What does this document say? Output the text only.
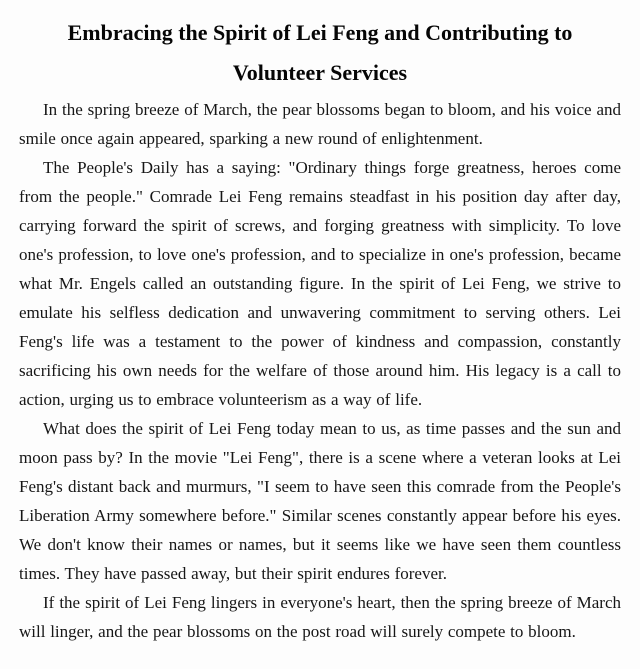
Embracing the Spirit of Lei Feng and Contributing to
Volunteer Services

In the spring breeze of March, the pear blossoms began to bloom, and his voice and smile once again appeared, sparking a new round of enlightenment.

The People's Daily has a saying: "Ordinary things forge greatness, heroes come from the people." Comrade Lei Feng remains steadfast in his position day after day, carrying forward the spirit of screws, and forging greatness with simplicity. To love one's profession, to love one's profession, and to specialize in one's profession, became what Mr. Engels called an outstanding figure. In the spirit of Lei Feng, we strive to emulate his selfless dedication and unwavering commitment to serving others. Lei Feng's life was a testament to the power of kindness and compassion, constantly sacrificing his own needs for the welfare of those around him. His legacy is a call to action, urging us to embrace volunteerism as a way of life.

What does the spirit of Lei Feng today mean to us, as time passes and the sun and moon pass by? In the movie "Lei Feng", there is a scene where a veteran looks at Lei Feng's distant back and murmurs, "I seem to have seen this comrade from the People's Liberation Army somewhere before." Similar scenes constantly appear before his eyes. We don't know their names or names, but it seems like we have seen them countless times. They have passed away, but their spirit endures forever.

If the spirit of Lei Feng lingers in everyone's heart, then the spring breeze of March will linger, and the pear blossoms on the post road will surely compete to bloom.
